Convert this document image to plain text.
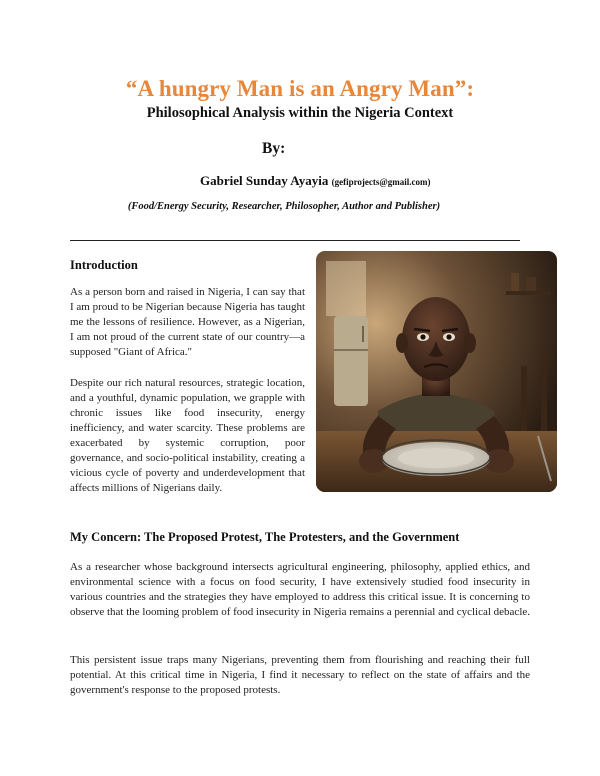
“A hungry Man is an Angry Man”:
Philosophical Analysis within the Nigeria Context
By:
Gabriel Sunday Ayayia (gefiprojects@gmail.com)
(Food/Energy Security, Researcher, Philosopher, Author and Publisher)
Introduction

As a person born and raised in Nigeria, I can say that I am proud to be Nigerian because Nigeria has taught me the lessons of resilience. However, as a Nigerian, I am not proud of the current state of our country—a supposed "Giant of Africa."

Despite our rich natural resources, strategic location, and a youthful, dynamic population, we grapple with chronic issues like food insecurity, energy inefficiency, and water scarcity. These problems are exacerbated by systemic corruption, poor governance, and socio-political instability, creating a vicious cycle of poverty and underdevelopment that affects millions of Nigerians daily.

My Concern: The Proposed Protest, The Protesters, and the Government

As a researcher whose background intersects agricultural engineering, philosophy, applied ethics, and environmental science with a focus on food security, I have extensively studied food insecurity in various countries and the strategies they have employed to address this critical issue. It is concerning to observe that the looming problem of food insecurity in Nigeria remains a perennial and cyclical debacle.

This persistent issue traps many Nigerians, preventing them from flourishing and reaching their full potential. At this critical time in Nigeria, I find it necessary to reflect on the state of affairs and the government's response to the proposed protests.
